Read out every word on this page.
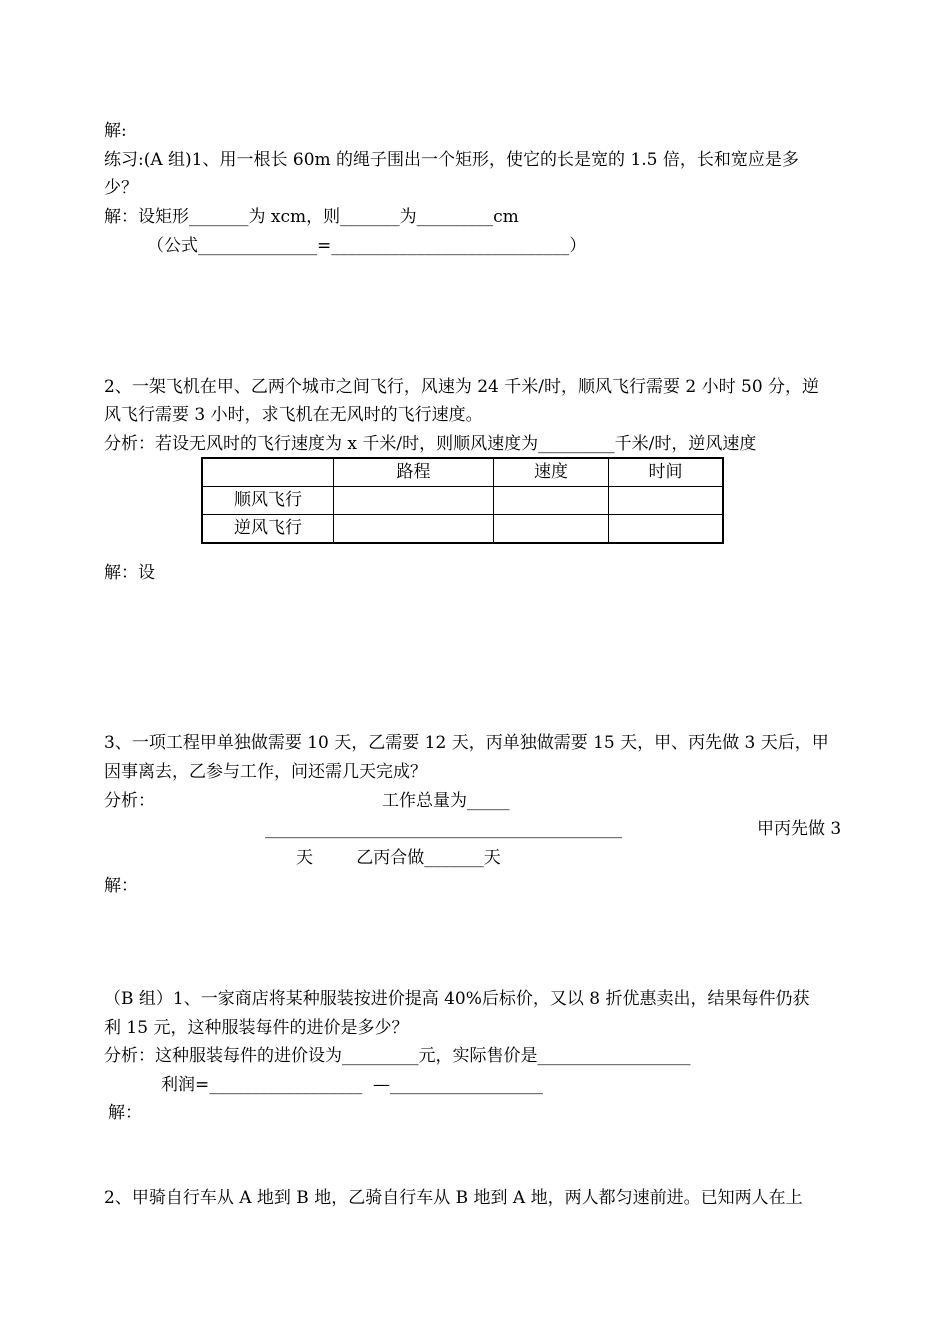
解:
练习:(A 组)1、用一根长 60m 的绳子围出一个矩形，使它的长是宽的 1.5 倍，长和宽应是多
少？
解：设矩形_______为 xcm，则_______为_________cm
（公式______________=____________________________）
2、一架飞机在甲、乙两个城市之间飞行，风速为 24 千米/时，顺风飞行需要 2 小时 50 分，逆
风飞行需要 3 小时，求飞机在无风时的飞行速度。
分析：若设无风时的飞行速度为 x 千米/时，则顺风速度为_________千米/时，逆风速度
	路程	速度	时间
顺风飞行			
逆风飞行			
解：设
3、一项工程甲单独做需要 10 天，乙需要 12 天，丙单独做需要 15 天，甲、丙先做 3 天后，甲
因事离去，乙参与工作，问还需几天完成？
分析：	工作总量为_____
__________________________________________	甲丙先做 3
天        乙丙合做_______天
解：
（B 组）1、一家商店将某种服装按进价提高 40%后标价，又以 8 折优惠卖出，结果每件仍获
利 15 元，这种服装每件的进价是多少？
分析：这种服装每件的进价设为_________元，实际售价是__________________
利润=__________________  —__________________
解：
2、甲骑自行车从 A 地到 B 地，乙骑自行车从 B 地到 A 地，两人都匀速前进。已知两人在上
